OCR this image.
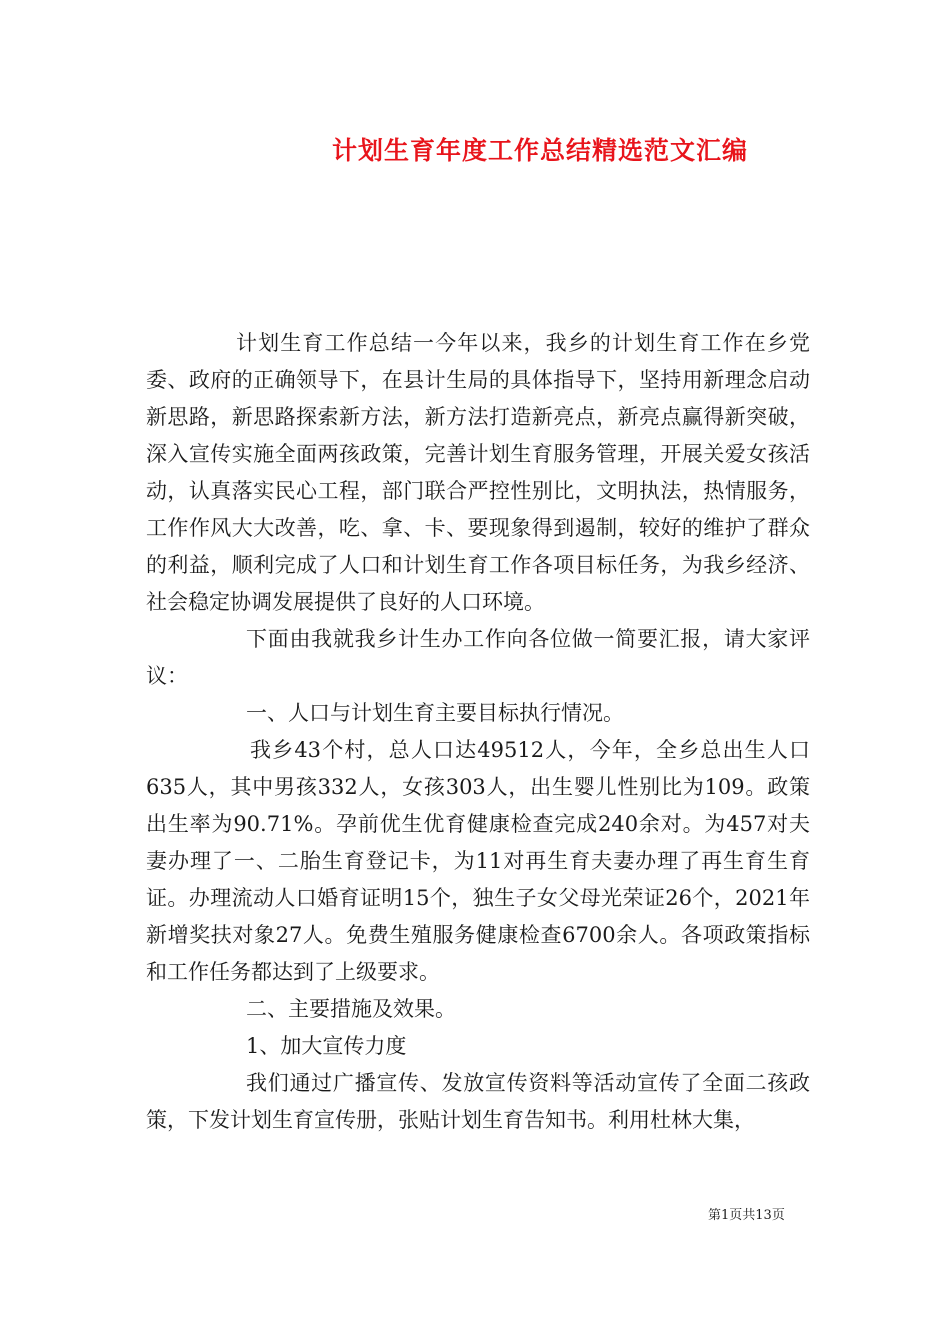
计划生育年度工作总结精选范文汇编

计划生育工作总结一今年以来，我乡的计划生育工作在乡党委、政府的正确领导下，在县计生局的具体指导下，坚持用新理念启动新思路，新思路探索新方法，新方法打造新亮点，新亮点赢得新突破，深入宣传实施全面两孩政策，完善计划生育服务管理，开展关爱女孩活动，认真落实民心工程，部门联合严控性别比，文明执法，热情服务，工作作风大大改善，吃、拿、卡、要现象得到遏制，较好的维护了群众的利益，顺利完成了人口和计划生育工作各项目标任务，为我乡经济、社会稳定协调发展提供了良好的人口环境。

下面由我就我乡计生办工作向各位做一简要汇报，请大家评议：

一、人口与计划生育主要目标执行情况。

我乡43个村，总人口达49512人，今年，全乡总出生人口635人，其中男孩332人，女孩303人，出生婴儿性别比为109。政策出生率为90.71%。孕前优生优育健康检查完成240余对。为457对夫妻办理了一、二胎生育登记卡，为11对再生育夫妻办理了再生育生育证。办理流动人口婚育证明15个，独生子女父母光荣证26个，2021年新增奖扶对象27人。免费生殖服务健康检查6700余人。各项政策指标和工作任务都达到了上级要求。

二、主要措施及效果。

1、加大宣传力度

我们通过广播宣传、发放宣传资料等活动宣传了全面二孩政策，下发计划生育宣传册，张贴计划生育告知书。利用杜林大集，

第1页共13页
